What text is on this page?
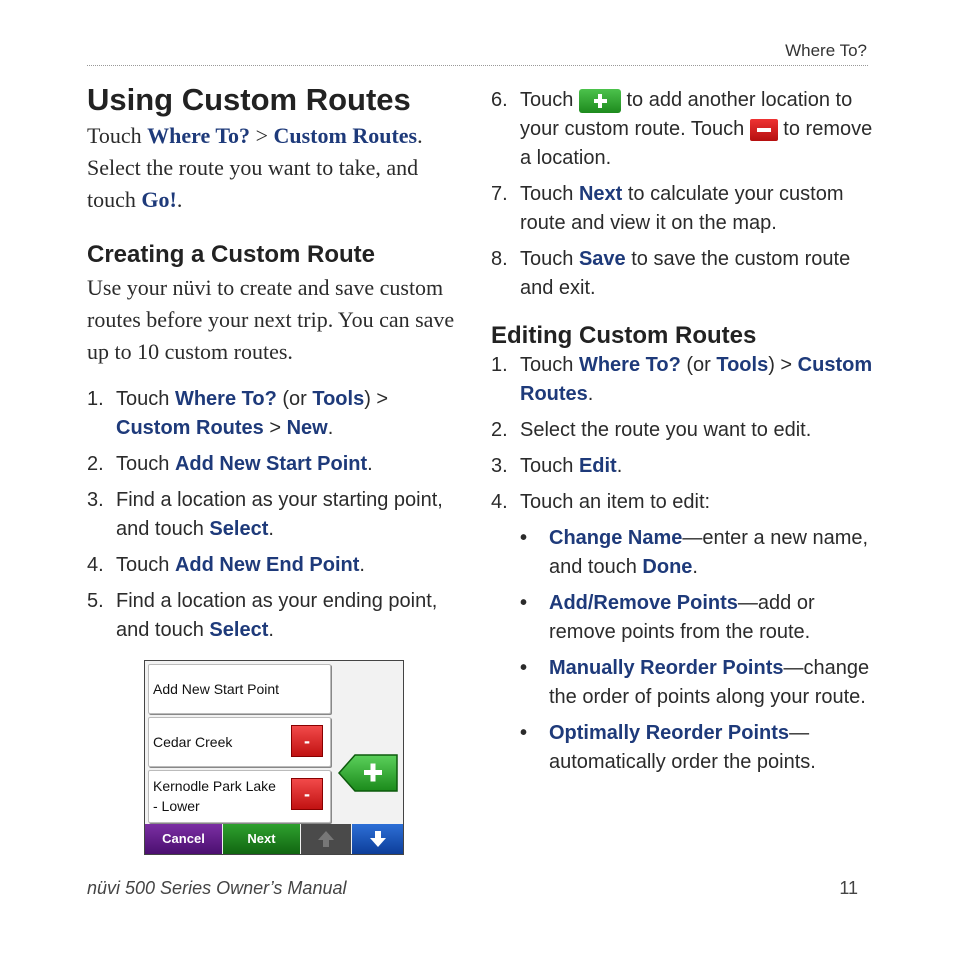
Where To?
Using Custom Routes
Touch Where To? > Custom Routes. Select the route you want to take, and touch Go!.
Creating a Custom Route
Use your nüvi to create and save custom routes before your next trip. You can save up to 10 custom routes.
1. Touch Where To? (or Tools) > Custom Routes > New.
2. Touch Add New Start Point.
3. Find a location as your starting point, and touch Select.
4. Touch Add New End Point.
5. Find a location as your ending point, and touch Select.
Add New Start Point
Cedar Creek
-
Kernodle Park Lake - Lower
-
Cancel	Next
6. Touch  to add another location to your custom route. Touch  to remove a location.
7. Touch Next to calculate your custom route and view it on the map.
8. Touch Save to save the custom route and exit.
Editing Custom Routes
1. Touch Where To? (or Tools) > Custom Routes.
2. Select the route you want to edit.
3. Touch Edit.
4. Touch an item to edit:
• Change Name—enter a new name, and touch Done.
• Add/Remove Points—add or remove points from the route.
• Manually Reorder Points—change the order of points along your route.
• Optimally Reorder Points—automatically order the points.
nüvi 500 Series Owner’s Manual	11
